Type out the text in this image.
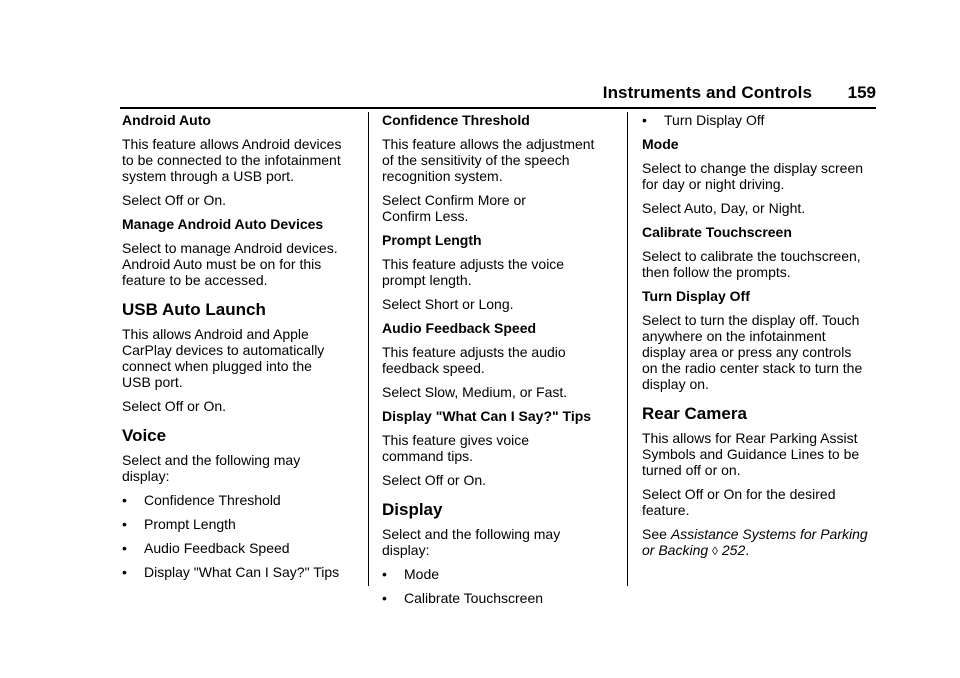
Instruments and Controls 159
Android Auto
This feature allows Android devices
to be connected to the infotainment
system through a USB port.
Select Off or On.
Manage Android Auto Devices
Select to manage Android devices.
Android Auto must be on for this
feature to be accessed.
USB Auto Launch
This allows Android and Apple
CarPlay devices to automatically
connect when plugged into the
USB port.
Select Off or On.
Voice
Select and the following may
display:
• Confidence Threshold
• Prompt Length
• Audio Feedback Speed
• Display "What Can I Say?" Tips
Confidence Threshold
This feature allows the adjustment
of the sensitivity of the speech
recognition system.
Select Confirm More or
Confirm Less.
Prompt Length
This feature adjusts the voice
prompt length.
Select Short or Long.
Audio Feedback Speed
This feature adjusts the audio
feedback speed.
Select Slow, Medium, or Fast.
Display "What Can I Say?" Tips
This feature gives voice
command tips.
Select Off or On.
Display
Select and the following may
display:
• Mode
• Calibrate Touchscreen
• Turn Display Off
Mode
Select to change the display screen
for day or night driving.
Select Auto, Day, or Night.
Calibrate Touchscreen
Select to calibrate the touchscreen,
then follow the prompts.
Turn Display Off
Select to turn the display off. Touch
anywhere on the infotainment
display area or press any controls
on the radio center stack to turn the
display on.
Rear Camera
This allows for Rear Parking Assist
Symbols and Guidance Lines to be
turned off or on.
Select Off or On for the desired
feature.
See Assistance Systems for Parking
or Backing ◊ 252.
